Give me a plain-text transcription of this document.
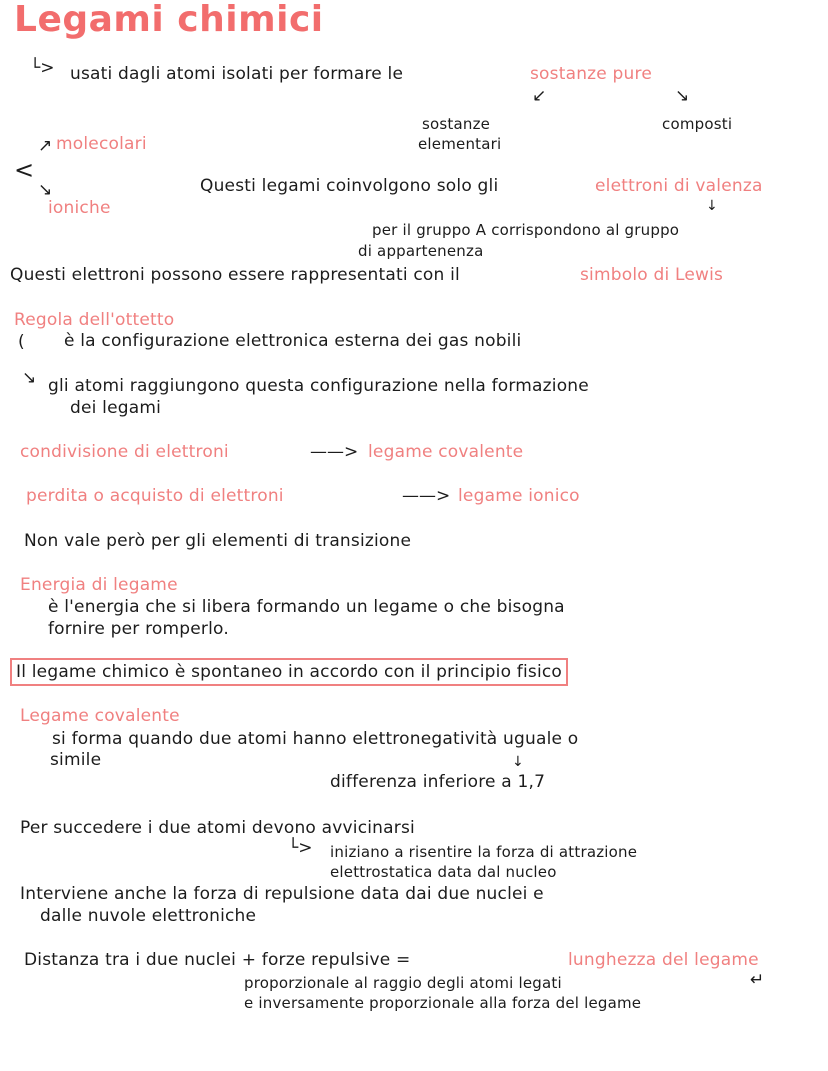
Legami chimici
└> usati dagli atomi isolati per formare le	sostanze pure
↙	↘
sostanze
elementari
composti
↗ molecolari
<
↘
ioniche
Questi legami coinvolgono solo gli	elettroni di valenza
↓
per il gruppo A corrispondono al gruppo
di appartenenza
Questi elettroni possono essere rappresentati con il	simbolo di Lewis
Regola dell'ottetto
( è la configurazione elettronica esterna dei gas nobili
↘ gli atomi raggiungono questa configurazione nella formazione
dei legami
condivisione di elettroni	——> legame covalente
perdita o acquisto di elettroni	——> legame ionico
Non vale però per gli elementi di transizione
Energia di legame
è l'energia che si libera formando un legame o che bisogna
fornire per romperlo.
Il legame chimico è spontaneo in accordo con il principio fisico
Legame covalente
si forma quando due atomi hanno elettronegatività uguale o
simile	↓
differenza inferiore a 1,7
Per succedere i due atomi devono avvicinarsi
└> iniziano a risentire la forza di attrazione
elettrostatica data dal nucleo
Interviene anche la forza di repulsione data dai due nuclei e
dalle nuvole elettroniche
Distanza tra i due nuclei + forze repulsive =	lunghezza del legame
proporzionale al raggio degli atomi legati	↵
e inversamente proporzionale alla forza del legame
